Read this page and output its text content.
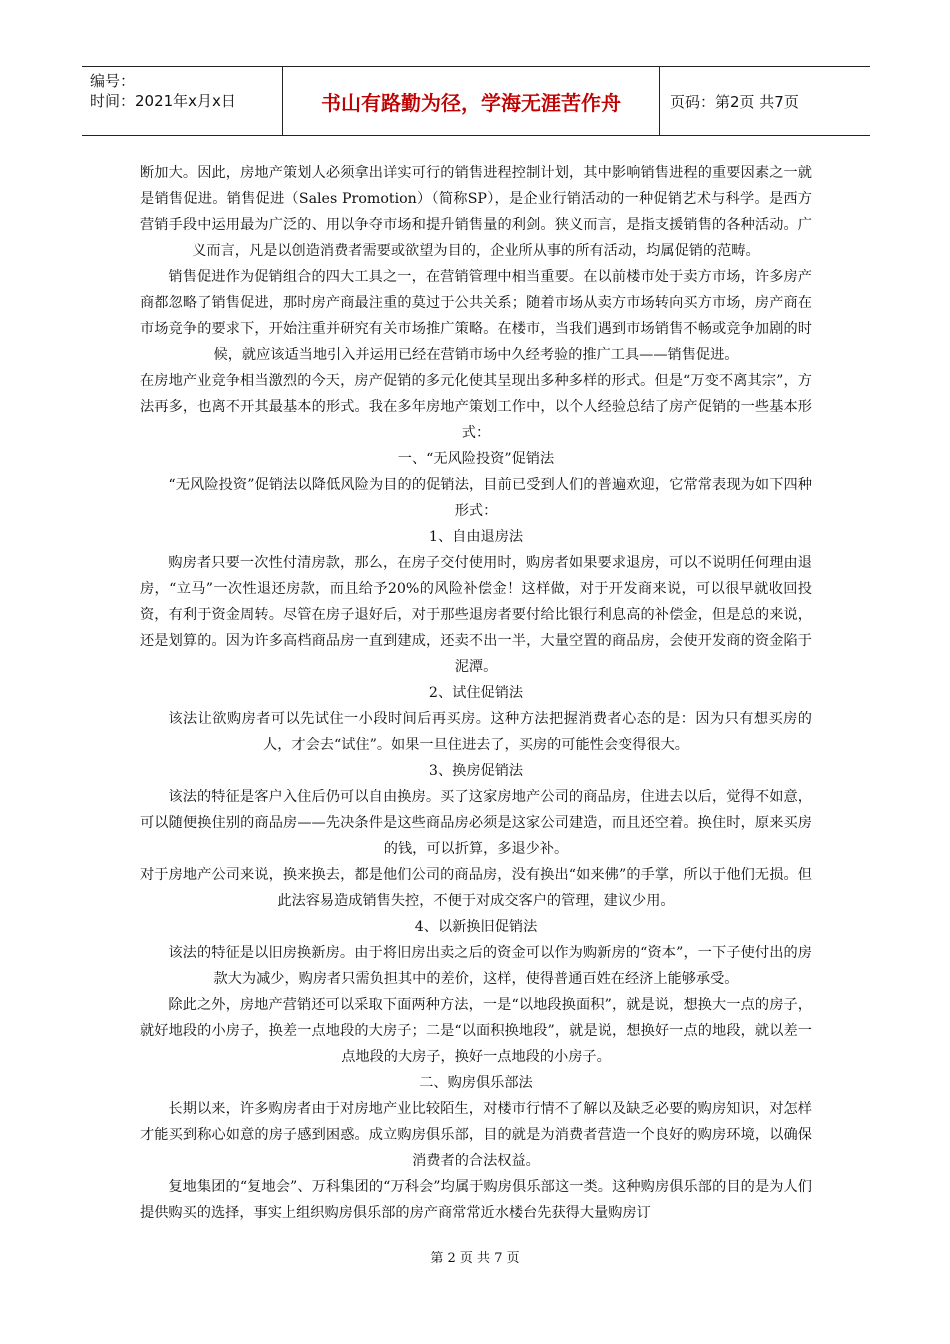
编号：
时间：2021年x月x日	书山有路勤为径，学海无涯苦作舟	页码：第2页 共7页

断加大。因此，房地产策划人必须拿出详实可行的销售进程控制计划，其中影响销售进程的重要因素之一就是销售促进。销售促进（Sales Promotion）（简称SP），是企业行销活动的一种促销艺术与科学。是西方营销手段中运用最为广泛的、用以争夺市场和提升销售量的利剑。狭义而言，是指支援销售的各种活动。广义而言，凡是以创造消费者需要或欲望为目的，企业所从事的所有活动，均属促销的范畴。

销售促进作为促销组合的四大工具之一，在营销管理中相当重要。在以前楼市处于卖方市场，许多房产商都忽略了销售促进，那时房产商最注重的莫过于公共关系；随着市场从卖方市场转向买方市场，房产商在市场竞争的要求下，开始注重并研究有关市场推广策略。在楼市，当我们遇到市场销售不畅或竞争加剧的时候，就应该适当地引入并运用已经在营销市场中久经考验的推广工具——销售促进。

在房地产业竞争相当激烈的今天，房产促销的多元化使其呈现出多种多样的形式。但是“万变不离其宗”，方法再多，也离不开其最基本的形式。我在多年房地产策划工作中，以个人经验总结了房产促销的一些基本形式：

一、“无风险投资”促销法

“无风险投资”促销法以降低风险为目的的促销法，目前已受到人们的普遍欢迎，它常常表现为如下四种形式：

1、自由退房法

购房者只要一次性付清房款，那么，在房子交付使用时，购房者如果要求退房，可以不说明任何理由退房，“立马”一次性退还房款，而且给予20%的风险补偿金！这样做，对于开发商来说，可以很早就收回投资，有利于资金周转。尽管在房子退好后，对于那些退房者要付给比银行利息高的补偿金，但是总的来说，还是划算的。因为许多高档商品房一直到建成，还卖不出一半，大量空置的商品房，会使开发商的资金陷于泥潭。

2、试住促销法

该法让欲购房者可以先试住一小段时间后再买房。这种方法把握消费者心态的是：因为只有想买房的人，才会去“试住”。如果一旦住进去了，买房的可能性会变得很大。

3、换房促销法

该法的特征是客户入住后仍可以自由换房。买了这家房地产公司的商品房，住进去以后，觉得不如意，可以随便换住别的商品房——先决条件是这些商品房必须是这家公司建造，而且还空着。换住时，原来买房的钱，可以折算，多退少补。

对于房地产公司来说，换来换去，都是他们公司的商品房，没有换出“如来佛”的手掌，所以于他们无损。但此法容易造成销售失控，不便于对成交客户的管理，建议少用。

4、以新换旧促销法

该法的特征是以旧房换新房。由于将旧房出卖之后的资金可以作为购新房的“资本”，一下子使付出的房款大为减少，购房者只需负担其中的差价，这样，使得普通百姓在经济上能够承受。

除此之外，房地产营销还可以采取下面两种方法，一是“以地段换面积”，就是说，想换大一点的房子，就好地段的小房子，换差一点地段的大房子；二是“以面积换地段”，就是说，想换好一点的地段，就以差一点地段的大房子，换好一点地段的小房子。

二、购房俱乐部法

长期以来，许多购房者由于对房地产业比较陌生，对楼市行情不了解以及缺乏必要的购房知识，对怎样才能买到称心如意的房子感到困惑。成立购房俱乐部，目的就是为消费者营造一个良好的购房环境，以确保消费者的合法权益。

复地集团的“复地会”、万科集团的“万科会”均属于购房俱乐部这一类。这种购房俱乐部的目的是为人们提供购买的选择，事实上组织购房俱乐部的房产商常常近水楼台先获得大量购房订

第 2 页 共 7 页
